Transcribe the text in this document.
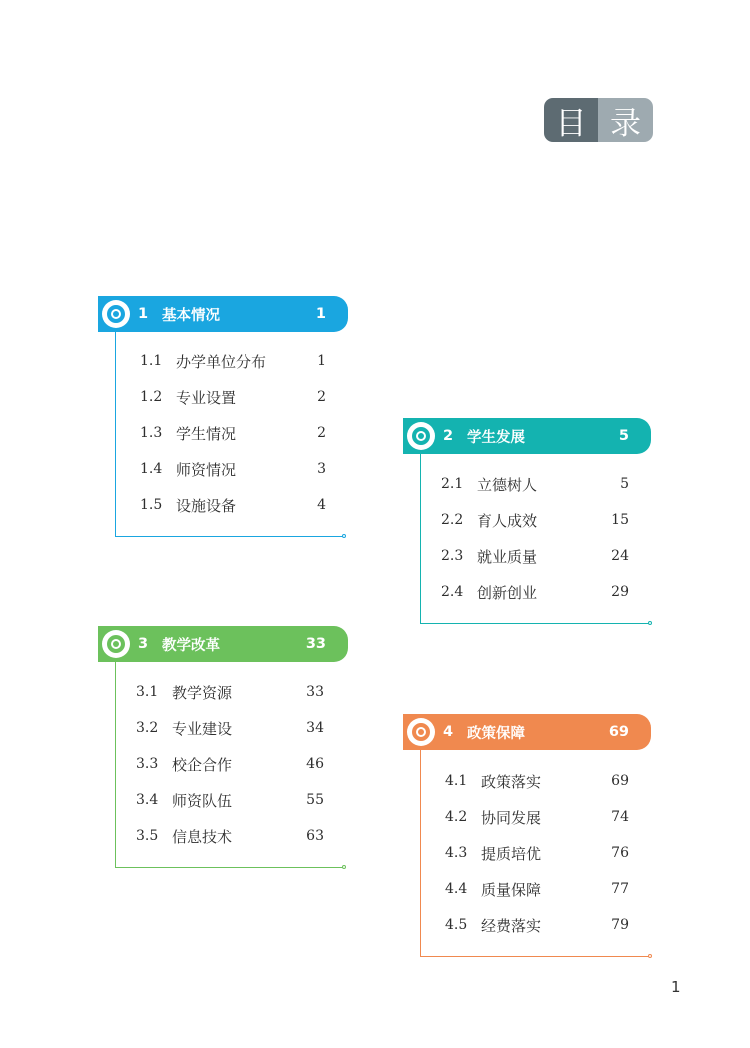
目 录
1 基本情况	1
1.1 办学单位分布	1
1.2 专业设置	2
1.3 学生情况	2
1.4 师资情况	3
1.5 设施设备	4
2 学生发展	5
2.1 立德树人	5
2.2 育人成效	15
2.3 就业质量	24
2.4 创新创业	29
3 教学改革	33
3.1 教学资源	33
3.2 专业建设	34
3.3 校企合作	46
3.4 师资队伍	55
3.5 信息技术	63
4 政策保障	69
4.1 政策落实	69
4.2 协同发展	74
4.3 提质培优	76
4.4 质量保障	77
4.5 经费落实	79
1
